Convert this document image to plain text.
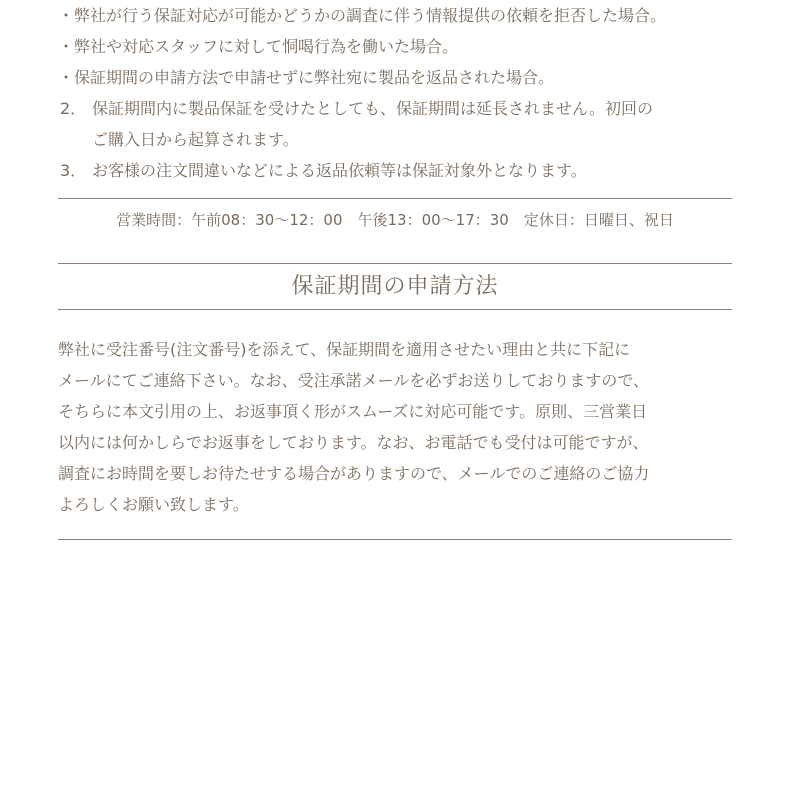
・弊社が行う保証対応が可能かどうかの調査に伴う情報提供の依頼を拒否した場合。
・弊社や対応スタッフに対して恫喝行為を働いた場合。
・保証期間の申請方法で申請せずに弊社宛に製品を返品された場合。
2． 保証期間内に製品保証を受けたとしても、保証期間は延長されません。初回の
ご購入日から起算されます。
3． お客様の注文間違いなどによる返品依頼等は保証対象外となります。
営業時間：午前08：30〜12：00　午後13：00〜17：30　定休日：日曜日、祝日
保証期間の申請方法

弊社に受注番号(注文番号)を添えて、保証期間を適用させたい理由と共に下記に

メールにてご連絡下さい。なお、受注承諾メールを必ずお送りしておりますので、

そちらに本文引用の上、お返事頂く形がスムーズに対応可能です。原則、三営業日

以内には何かしらでお返事をしております。なお、お電話でも受付は可能ですが、

調査にお時間を要しお待たせする場合がありますので、メールでのご連絡のご協力

よろしくお願い致します。
